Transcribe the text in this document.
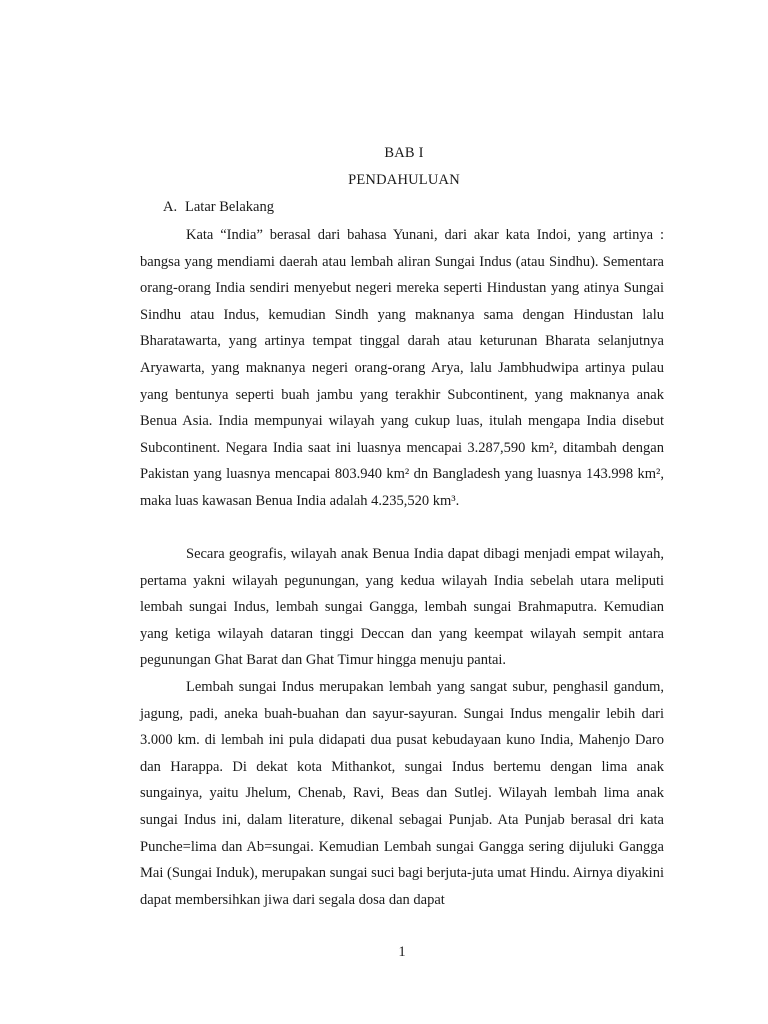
BAB I
PENDAHULUAN
A. Latar Belakang

Kata “India” berasal dari bahasa Yunani, dari akar kata Indoi, yang artinya : bangsa yang mendiami daerah atau lembah aliran Sungai Indus (atau Sindhu). Sementara orang-orang India sendiri menyebut negeri mereka seperti Hindustan yang atinya Sungai Sindhu atau Indus, kemudian Sindh yang maknanya sama dengan Hindustan lalu Bharatawarta, yang artinya tempat tinggal darah atau keturunan Bharata selanjutnya Aryawarta, yang maknanya negeri orang-orang Arya, lalu Jambhudwipa artinya pulau yang bentunya seperti buah jambu yang terakhir Subcontinent, yang maknanya anak Benua Asia. India mempunyai wilayah yang cukup luas, itulah mengapa India disebut Subcontinent. Negara India saat ini luasnya mencapai 3.287,590 km², ditambah dengan Pakistan yang luasnya mencapai 803.940 km² dn Bangladesh yang luasnya 143.998 km², maka luas kawasan Benua India adalah 4.235,520 km³.

Secara geografis, wilayah anak Benua India dapat dibagi menjadi empat wilayah, pertama yakni wilayah pegunungan, yang kedua wilayah India sebelah utara meliputi lembah sungai Indus, lembah sungai Gangga, lembah sungai Brahmaputra. Kemudian yang ketiga wilayah dataran tinggi Deccan dan yang keempat wilayah sempit antara pegunungan Ghat Barat dan Ghat Timur hingga menuju pantai.

Lembah sungai Indus merupakan lembah yang sangat subur, penghasil gandum, jagung, padi, aneka buah-buahan dan sayur-sayuran. Sungai Indus mengalir lebih dari 3.000 km. di lembah ini pula didapati dua pusat kebudayaan kuno India, Mahenjo Daro dan Harappa. Di dekat kota Mithankot, sungai Indus bertemu dengan lima anak sungainya, yaitu Jhelum, Chenab, Ravi, Beas dan Sutlej. Wilayah lembah lima anak sungai Indus ini, dalam literature, dikenal sebagai Punjab. Ata Punjab berasal dri kata Punche=lima dan Ab=sungai. Kemudian Lembah sungai Gangga sering dijuluki Gangga Mai (Sungai Induk), merupakan sungai suci bagi berjuta-juta umat Hindu. Airnya diyakini dapat membersihkan jiwa dari segala dosa dan dapat

1
